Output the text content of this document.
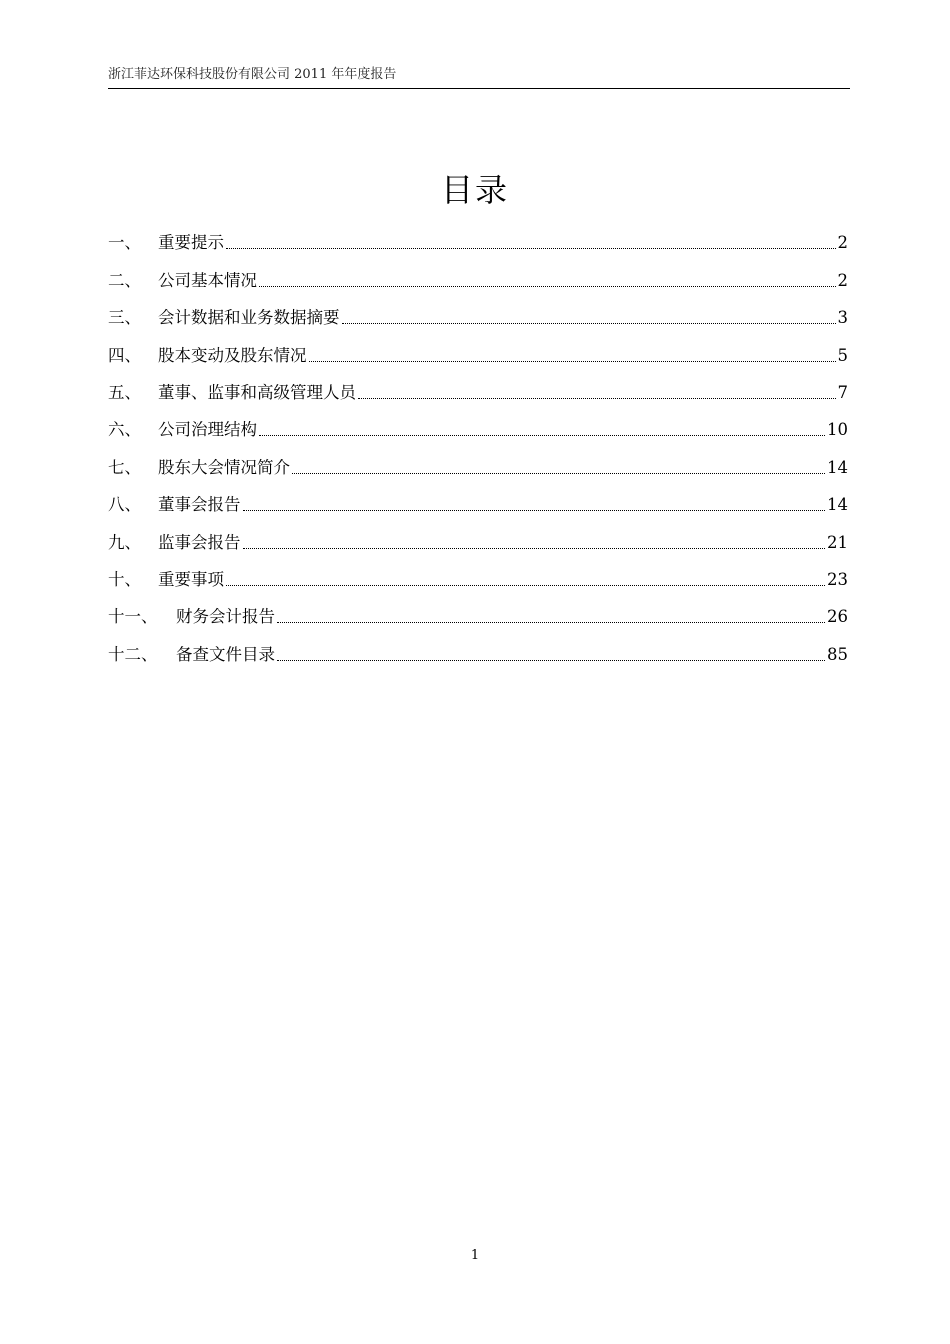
浙江菲达环保科技股份有限公司 2011 年年度报告
目录
一、	重要提示	2
二、	公司基本情况	2
三、	会计数据和业务数据摘要	3
四、	股本变动及股东情况	5
五、	董事、监事和高级管理人员	7
六、	公司治理结构	10
七、	股东大会情况简介	14
八、	董事会报告	14
九、	监事会报告	21
十、	重要事项	23
十一、	财务会计报告	26
十二、	备查文件目录	85
1
